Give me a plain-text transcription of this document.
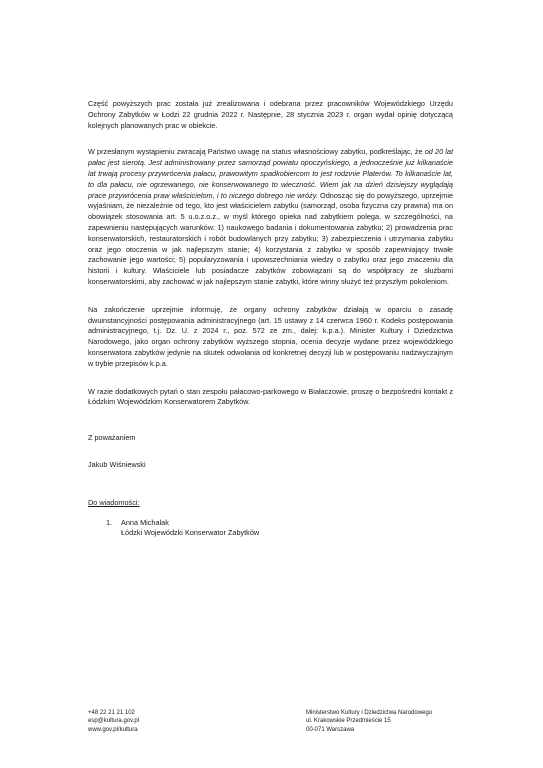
Część powyższych prac została już zrealizowana i odebrana przez pracowników Wojewódzkiego Urzędu Ochrony Zabytków w Łodzi 22 grudnia 2022 r. Następnie, 28 stycznia 2023 r. organ wydał opinię dotyczącą kolejnych planowanych prac w obiekcie.

W przesłanym wystąpieniu zwracają Państwo uwagę na status własnościowy zabytku, podkreślając, że od 20 lat pałac jest sierotą. Jest administrowany przez samorząd powiatu opoczyńskiego, a jednocześnie już kilkanaście lat trwają procesy przywrócenia pałacu, prawowitym spadkobiercom to jest rodzinie Platerów. To kilkanaście lat, to dla pałacu, nie ogrzewanego, nie konserwowanego to wieczność. Wiem jak na dzień dzisiejszy wyglądają prace przywrócenia praw właścicielom, i to niczego dobrego nie wróży. Odnosząc się do powyższego, uprzejmie wyjaśniam, że niezależnie od tego, kto jest właścicielem zabytku (samorząd, osoba fizyczna czy prawna) ma on obowiązek stosowania art. 5 u.o.z.o.z., w myśl którego opieka nad zabytkiem polega, w szczególności, na zapewnieniu następujących warunków: 1) naukowego badania i dokumentowania zabytku; 2) prowadzenia prac konserwatorskich, restauratorskich i robót budowlanych przy zabytku; 3) zabezpieczenia i utrzymania zabytku oraz jego otoczenia w jak najlepszym stanie; 4) korzystania z zabytku w sposób zapewniający trwałe zachowanie jego wartości; 5) popularyzowania i upowszechniania wiedzy o zabytku oraz jego znaczeniu dla historii i kultury. Właściciele lub posiadacze zabytków zobowiązani są do współpracy ze służbami konserwatorskimi, aby zachować w jak najlepszym stanie zabytki, które winny służyć też przyszłym pokoleniom.

Na zakończenie uprzejmie informuję, że organy ochrony zabytków działają w oparciu o zasadę dwuinstancyjności postępowania administracyjnego (art. 15 ustawy z 14 czerwca 1960 r. Kodeks postępowania administracyjnego, t.j. Dz. U. z 2024 r., poz. 572 ze zm., dalej: k.p.a.). Minister Kultury i Dziedzictwa Narodowego, jako organ ochrony zabytków wyższego stopnia, ocenia decyzje wydane przez wojewódzkiego konserwatora zabytków jedynie na skutek odwołania od konkretnej decyzji lub w postępowaniu nadzwyczajnym w trybie przepisów k.p.a.

W razie dodatkowych pytań o stan zespołu pałacowo-parkowego w Białaczowie, proszę o bezpośredni kontakt z Łódzkim Wojewódzkim Konserwatorem Zabytków.

Z poważaniem

Jakub Wiśniewski

Do wiadomości:

1. Anna Michalak
Łódzki Wojewódzki Konserwator Zabytków
+48 22 21 21 102
esp@kultura.gov.pl
www.gov.pl/kultura
Ministerstwo Kultury i Dziedzictwa Narodowego
ul. Krakowskie Przedmieście 15
00-071 Warszawa
